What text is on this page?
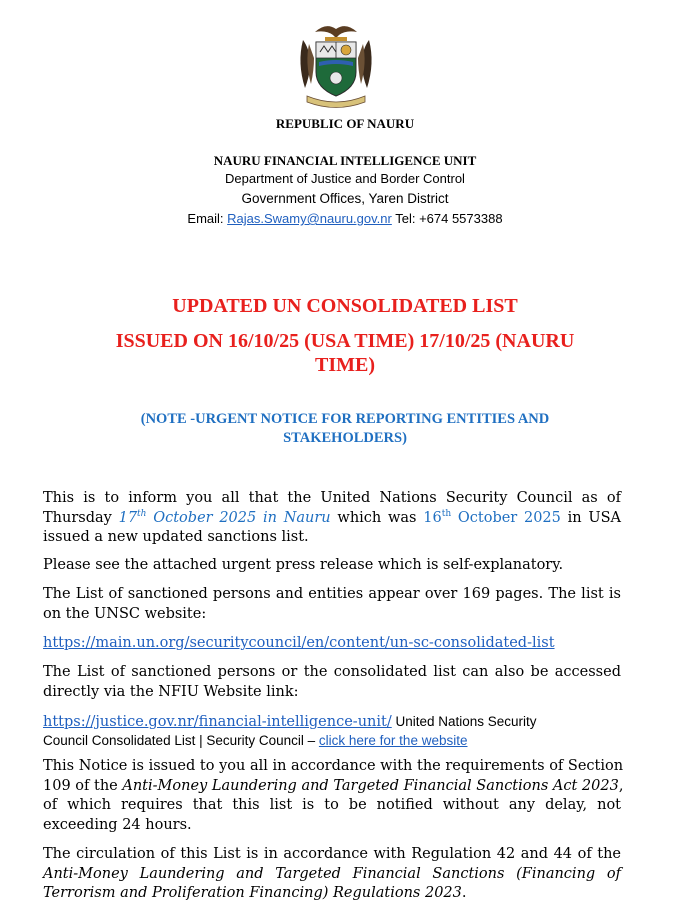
REPUBLIC OF NAURU
NAURU FINANCIAL INTELLIGENCE UNIT
Department of Justice and Border Control
Government Offices, Yaren District
Email: Rajas.Swamy@nauru.gov.nr Tel: +674 5573388
UPDATED UN CONSOLIDATED LIST
ISSUED ON 16/10/25 (USA TIME) 17/10/25 (NAURU
TIME)
(NOTE -URGENT NOTICE FOR REPORTING ENTITIES AND
STAKEHOLDERS)
This is to inform you all that the United Nations Security Council as of
Thursday 17th October 2025 in Nauru which was 16th October 2025 in USA
issued a new updated sanctions list.
Please see the attached urgent press release which is self-explanatory.
The List of sanctioned persons and entities appear over 169 pages. The list is
on the UNSC website:
https://main.un.org/securitycouncil/en/content/un-sc-consolidated-list
The List of sanctioned persons or the consolidated list can also be accessed
directly via the NFIU Website link:
https://justice.gov.nr/financial-intelligence-unit/ United Nations Security
Council Consolidated List | Security Council – click here for the website
This Notice is issued to you all in accordance with the requirements of Section
109 of the Anti-Money Laundering and Targeted Financial Sanctions Act 2023,
of which requires that this list is to be notified without any delay, not
exceeding 24 hours.
The circulation of this List is in accordance with Regulation 42 and 44 of the
Anti-Money Laundering and Targeted Financial Sanctions (Financing of
Terrorism and Proliferation Financing) Regulations 2023.
